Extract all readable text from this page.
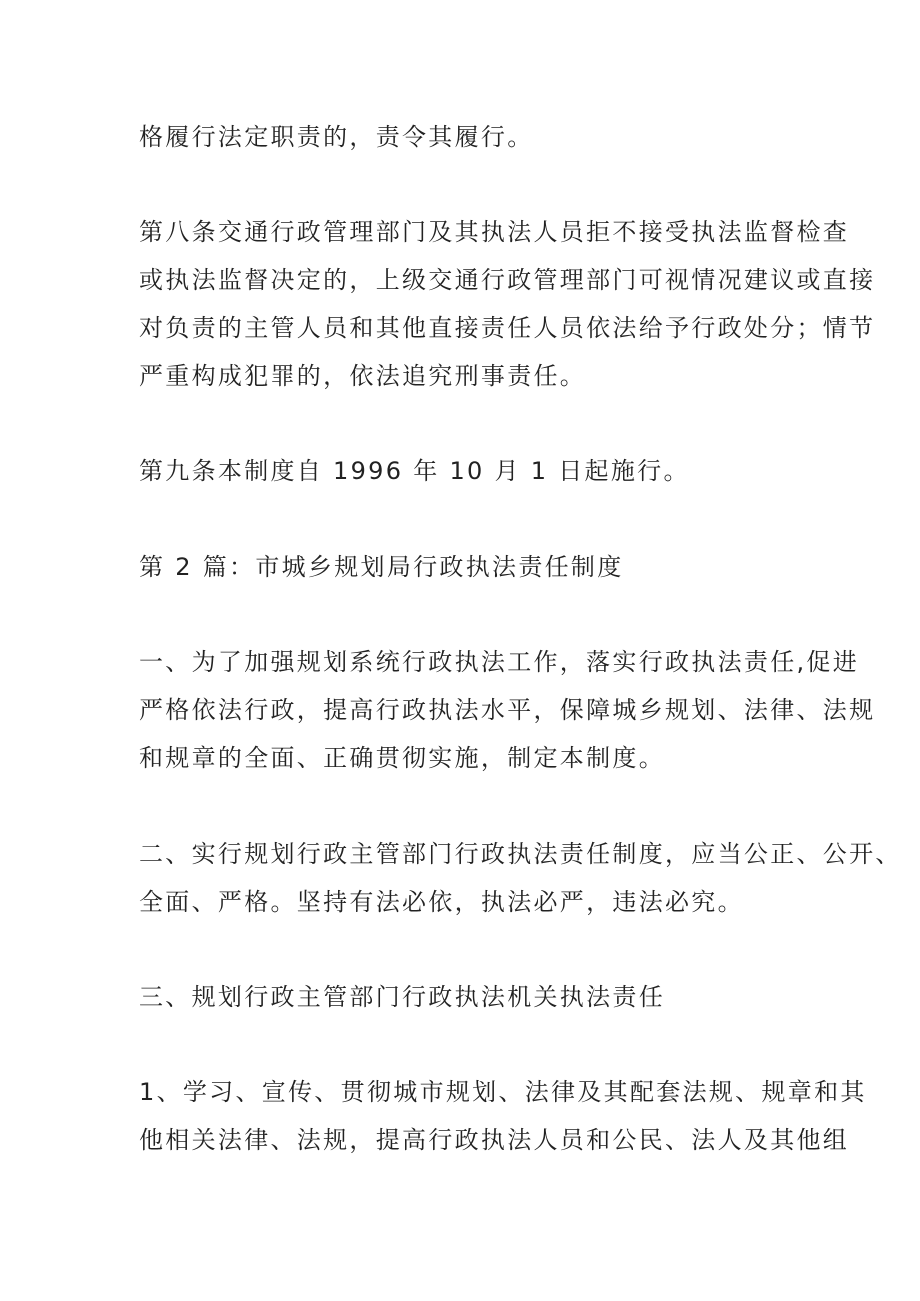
格履行法定职责的，责令其履行。
第八条交通行政管理部门及其执法人员拒不接受执法监督检查
或执法监督决定的，上级交通行政管理部门可视情况建议或直接
对负责的主管人员和其他直接责任人员依法给予行政处分；情节
严重构成犯罪的，依法追究刑事责任。
第九条本制度自 1996 年 10 月 1 日起施行。
第 2 篇：市城乡规划局行政执法责任制度
一、为了加强规划系统行政执法工作，落实行政执法责任,促进
严格依法行政，提高行政执法水平，保障城乡规划、法律、法规
和规章的全面、正确贯彻实施，制定本制度。
二、实行规划行政主管部门行政执法责任制度，应当公正、公开、
全面、严格。坚持有法必依，执法必严，违法必究。
三、规划行政主管部门行政执法机关执法责任
1、学习、宣传、贯彻城市规划、法律及其配套法规、规章和其
他相关法律、法规，提高行政执法人员和公民、法人及其他组
